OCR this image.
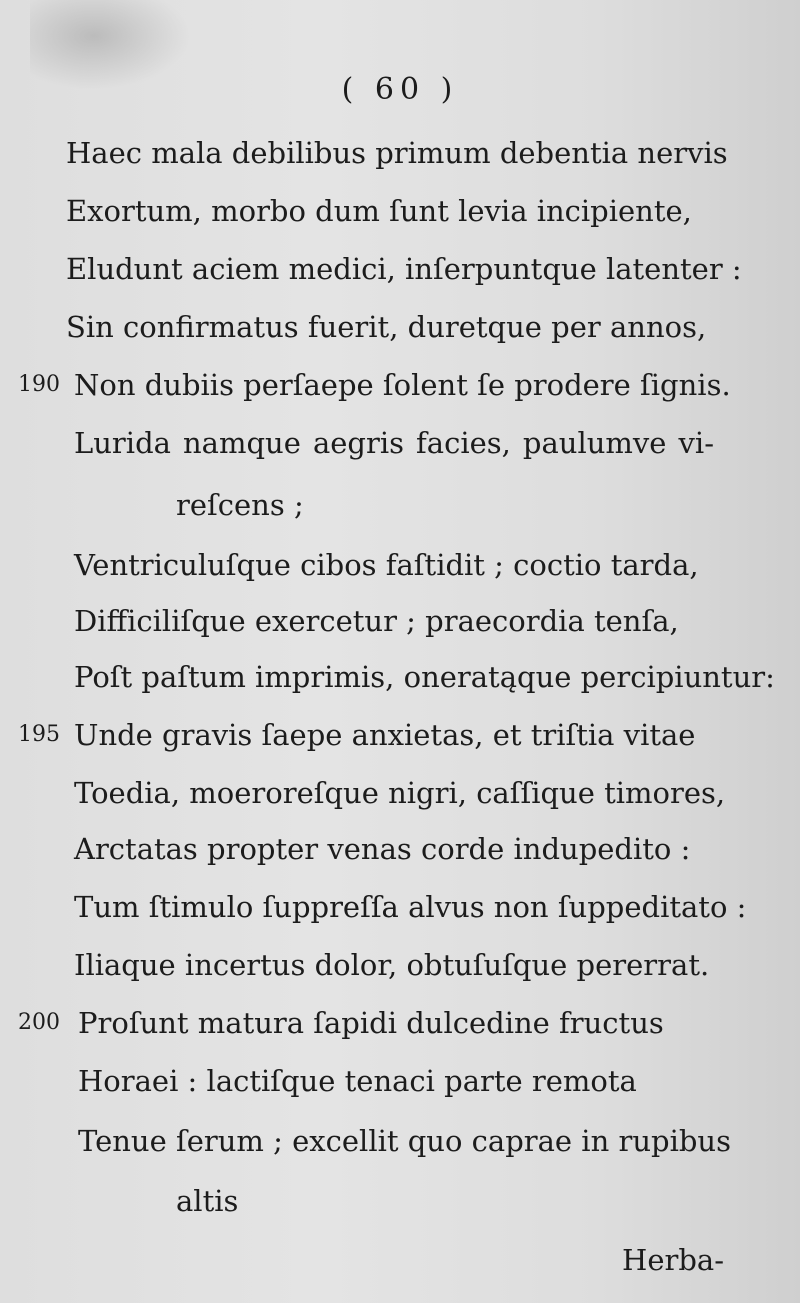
( 60 )
Haec mala debilibus primum debentia nervis
Exortum, morbo dum ſunt levia incipiente,
Eludunt aciem medici, inſerpuntque latenter :
Sin confirmatus fuerit, duretque per annos,
190 Non dubiis perſaepe ſolent ſe prodere ſignis.
Lurida namque aegris facies, paulumve vi-
reſcens ;
Ventriculuſque cibos faſtidit ; coctio tarda,
Difficiliſque exercetur ; praecordia tenſa,
Poſt paſtum imprimis, oneratąque percipiuntur:
195 Unde gravis ſaepe anxietas, et triſtia vitae
Toedia, moeroreſque nigri, caſſique timores,
Arctatas propter venas corde indupedito :
Tum ſtimulo ſuppreſſa alvus non ſuppeditato :
Iliaque incertus dolor, obtuſuſque pererrat.
200 Proſunt matura ſapidi dulcedine fructus
Horaei : lactiſque tenaci parte remota
Tenue ſerum ; excellit quo caprae in rupibus
altis
Herba-
